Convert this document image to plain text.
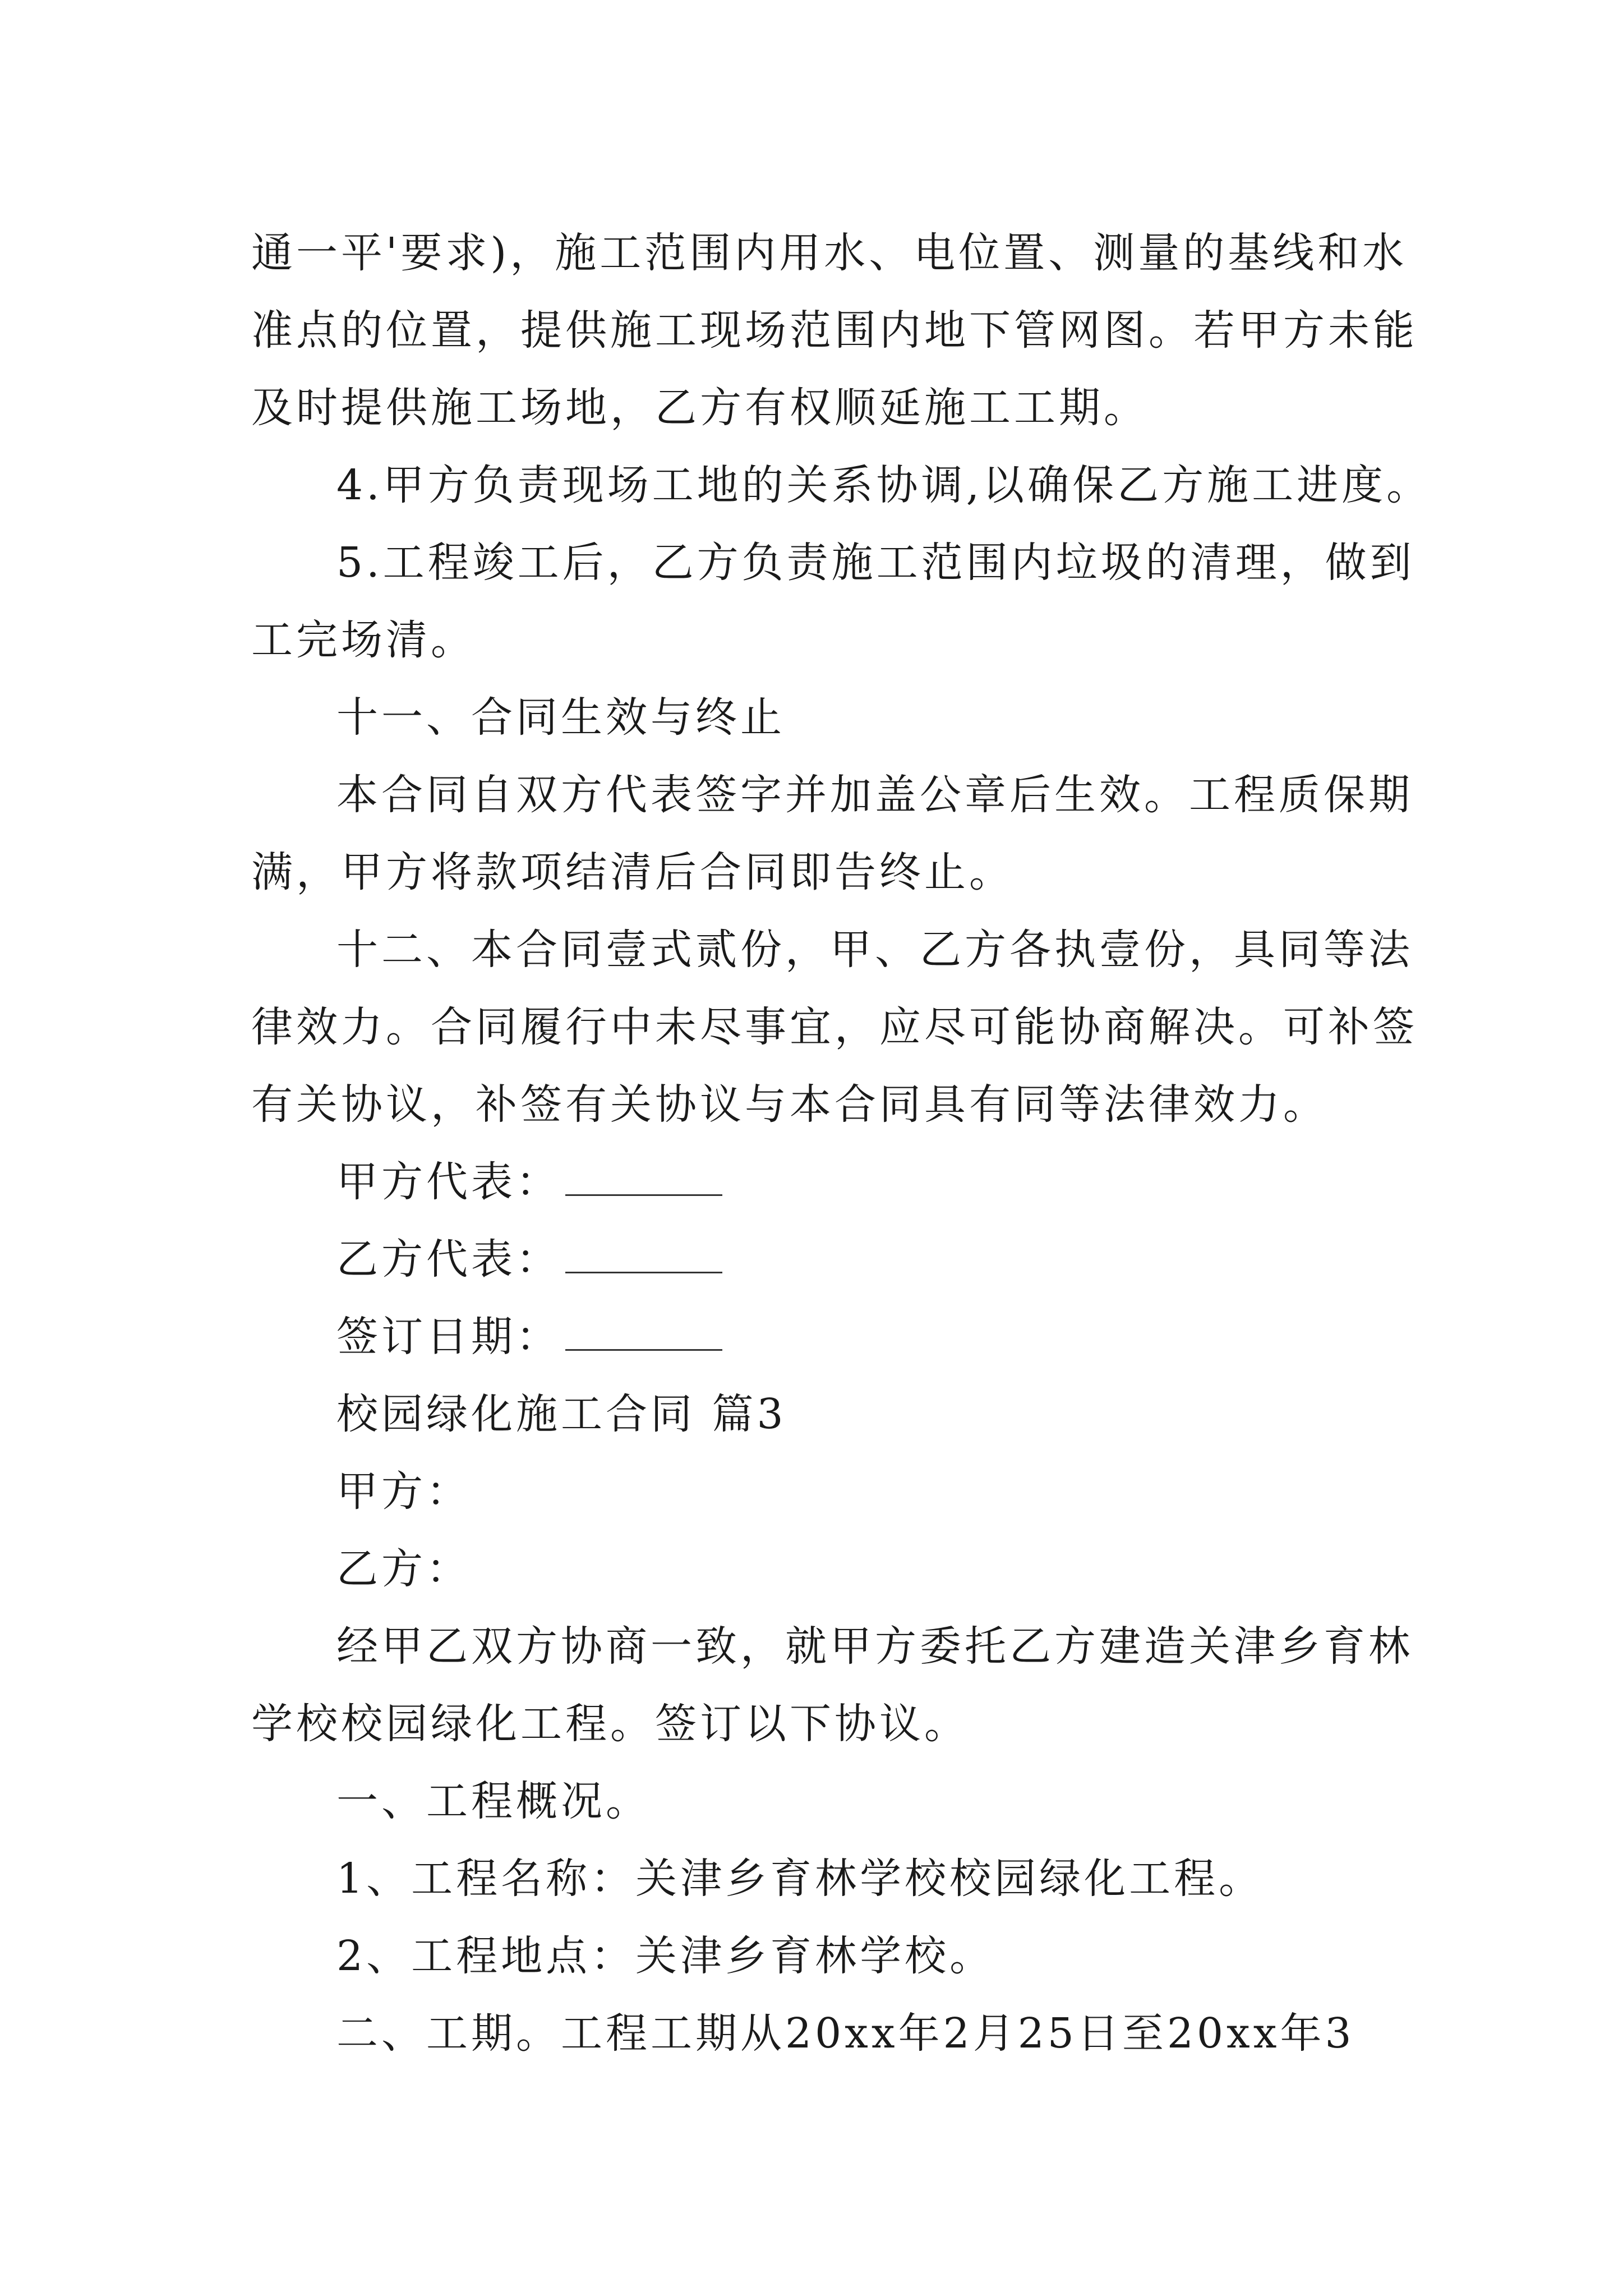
通一平'要求)，施工范围内用水、电位置、测量的基线和水
准点的位置，提供施工现场范围内地下管网图。若甲方未能
及时提供施工场地，乙方有权顺延施工工期。
4.甲方负责现场工地的关系协调,以确保乙方施工进度。
5.工程竣工后，乙方负责施工范围内垃圾的清理，做到
工完场清。
十一、合同生效与终止
本合同自双方代表签字并加盖公章后生效。工程质保期
满，甲方将款项结清后合同即告终止。
十二、本合同壹式贰份，甲、乙方各执壹份，具同等法
律效力。合同履行中未尽事宜，应尽可能协商解决。可补签
有关协议，补签有关协议与本合同具有同等法律效力。
甲方代表：
乙方代表：
签订日期：
校园绿化施工合同 篇3
甲方：
乙方：
经甲乙双方协商一致，就甲方委托乙方建造关津乡育林
学校校园绿化工程。签订以下协议。
一、工程概况。
1、工程名称：关津乡育林学校校园绿化工程。
2、工程地点：关津乡育林学校。
二、工期。工程工期从20xx年2月25日至20xx年3
